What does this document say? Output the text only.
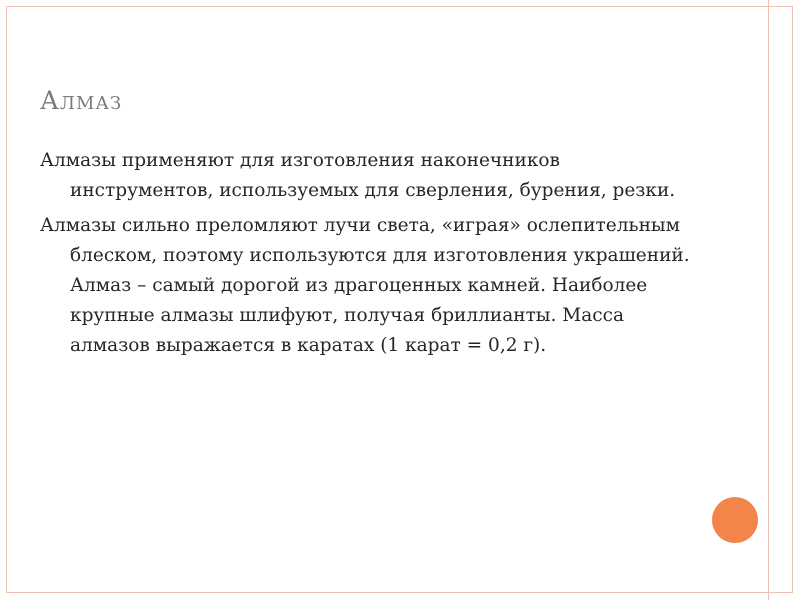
Алмаз

Алмазы применяют для изготовления наконечников инструментов, используемых для сверления, бурения, резки.

Алмазы сильно преломляют лучи света, «играя» ослепительным блеском, поэтому используются для изготовления украшений. Алмаз – самый дорогой из драгоценных камней. Наиболее крупные алмазы шлифуют, получая бриллианты. Масса алмазов выражается в каратах (1 карат = 0,2 г).
